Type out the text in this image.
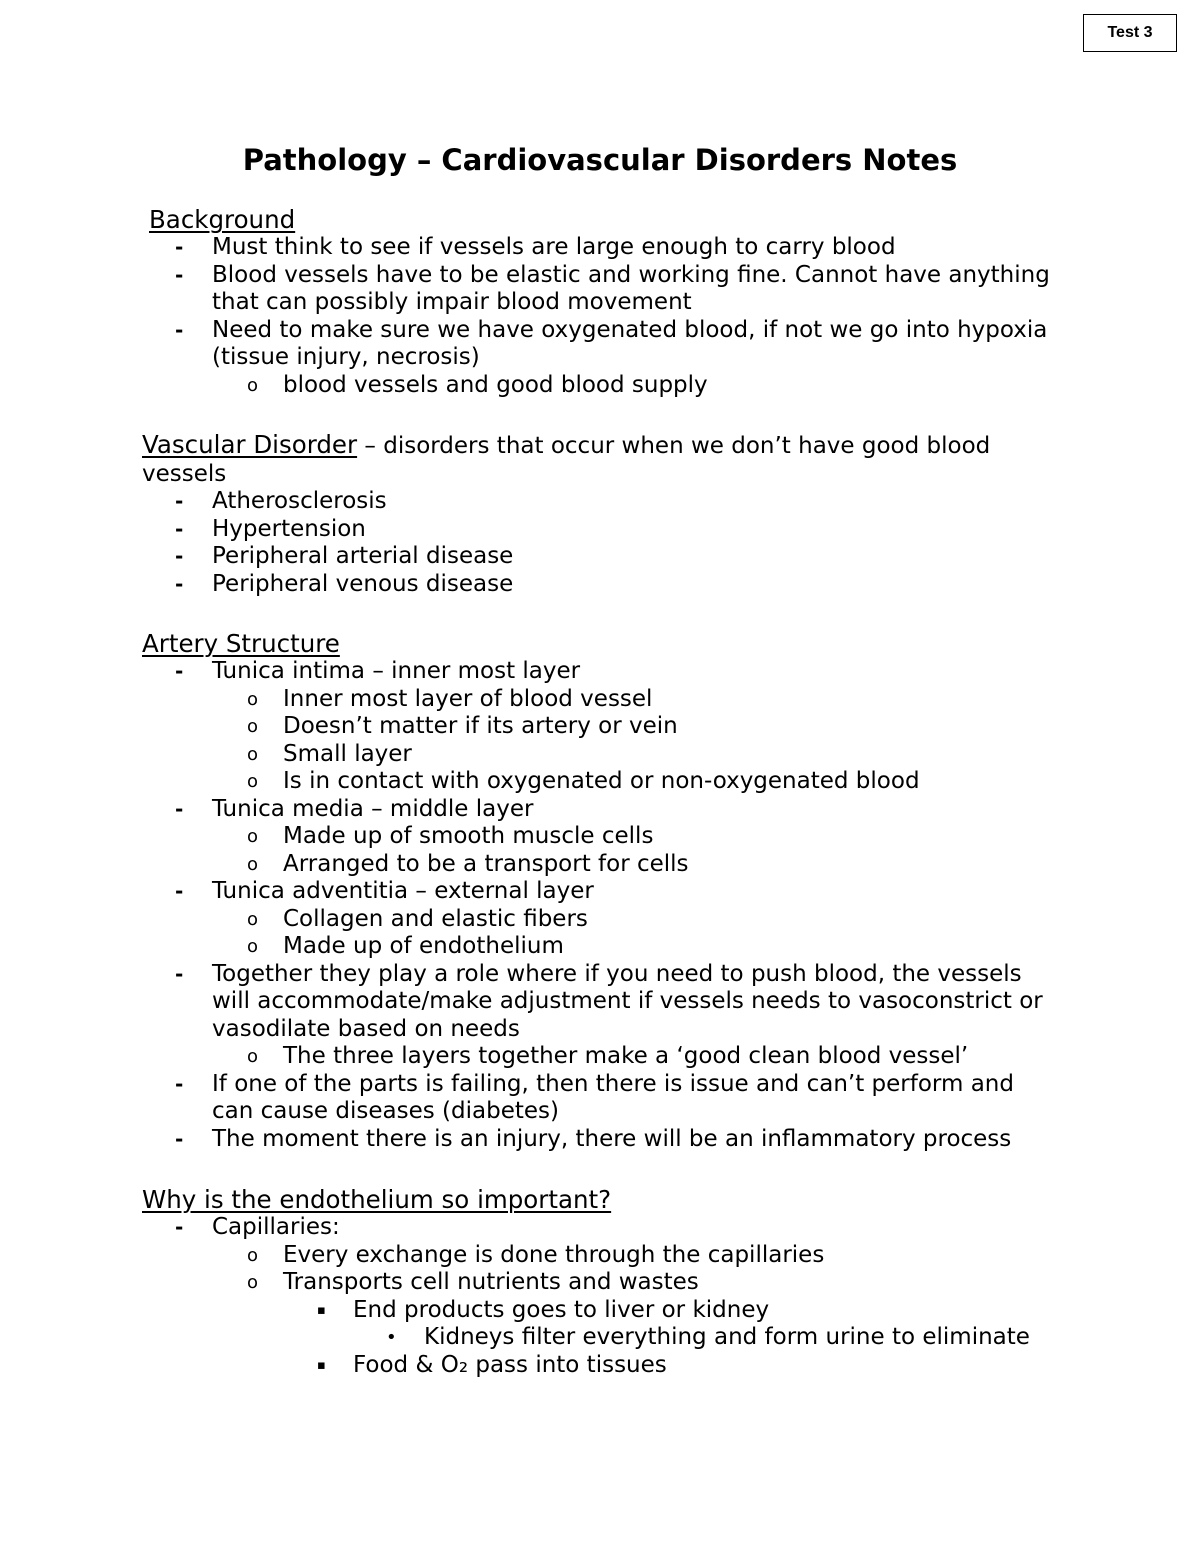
Test 3
Pathology – Cardiovascular Disorders Notes
Background
- Must think to see if vessels are large enough to carry blood
- Blood vessels have to be elastic and working fine. Cannot have anything that can possibly impair blood movement
- Need to make sure we have oxygenated blood, if not we go into hypoxia (tissue injury, necrosis)
o blood vessels and good blood supply
Vascular Disorder – disorders that occur when we don’t have good blood vessels
- Atherosclerosis
- Hypertension
- Peripheral arterial disease
- Peripheral venous disease
Artery Structure
- Tunica intima – inner most layer
o Inner most layer of blood vessel
o Doesn’t matter if its artery or vein
o Small layer
o Is in contact with oxygenated or non-oxygenated blood
- Tunica media – middle layer
o Made up of smooth muscle cells
o Arranged to be a transport for cells
- Tunica adventitia – external layer
o Collagen and elastic fibers
o Made up of endothelium
- Together they play a role where if you need to push blood, the vessels will accommodate/make adjustment if vessels needs to vasoconstrict or vasodilate based on needs
o The three layers together make a ‘good clean blood vessel’
- If one of the parts is failing, then there is issue and can’t perform and can cause diseases (diabetes)
- The moment there is an injury, there will be an inflammatory process
Why is the endothelium so important?
- Capillaries:
o Every exchange is done through the capillaries
o Transports cell nutrients and wastes
▪ End products goes to liver or kidney
• Kidneys filter everything and form urine to eliminate
▪ Food & O₂ pass into tissues
